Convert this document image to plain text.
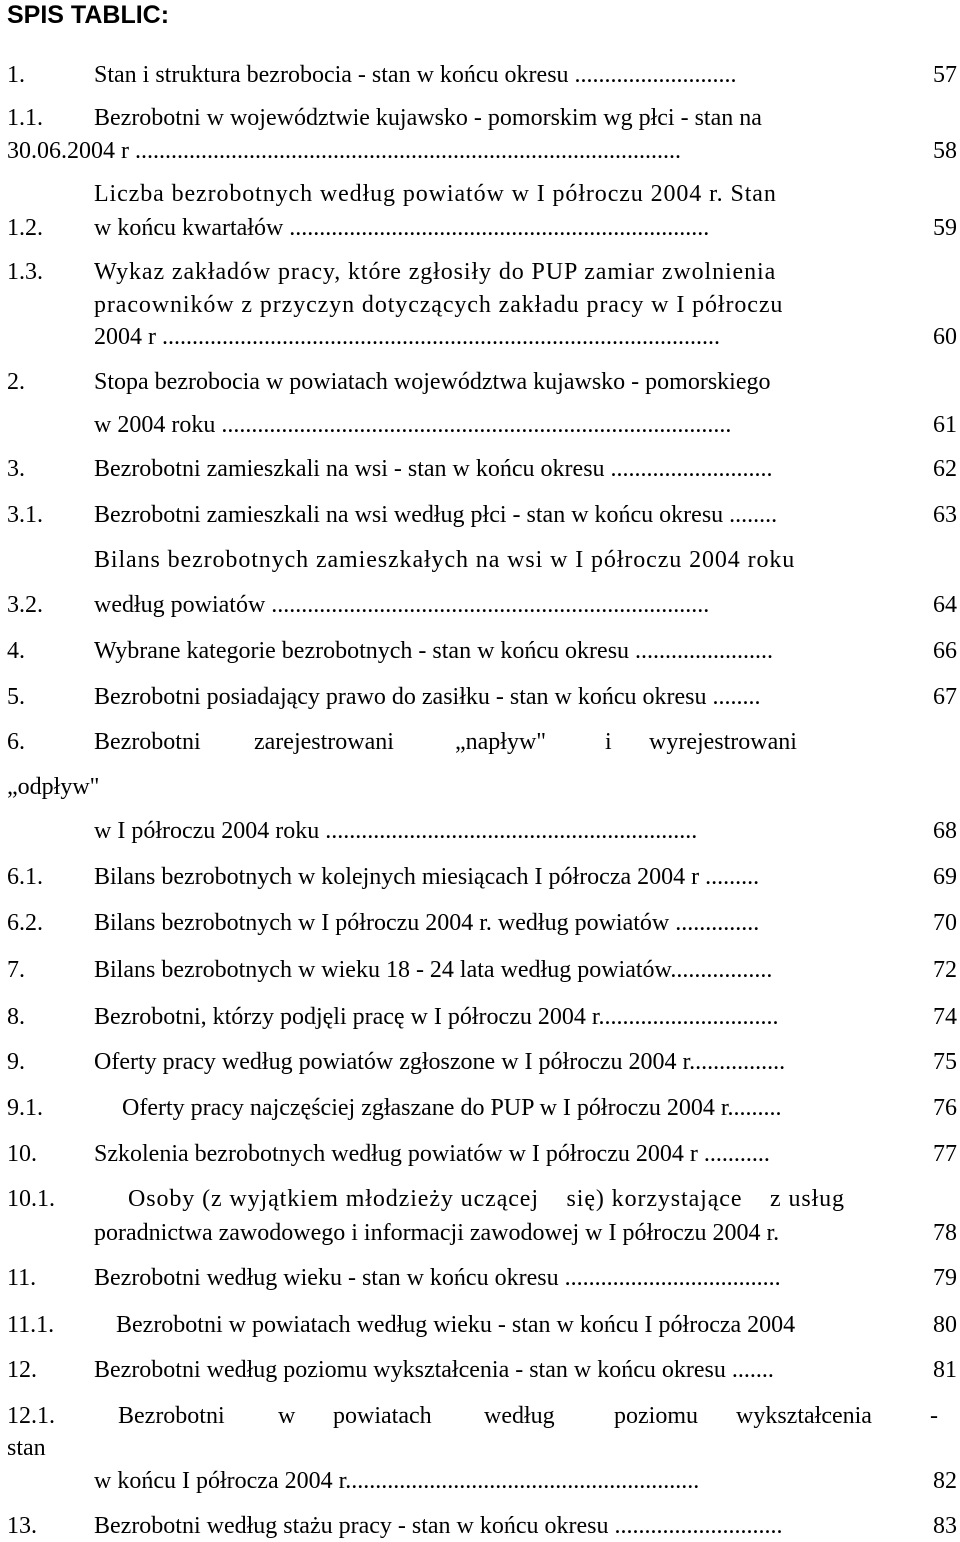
SPIS TABLIC:
1.	Stan i struktura bezrobocia - stan w końcu okresu ...........................	57
1.1. Bezrobotni w województwie kujawsko - pomorskim wg płci - stan na
30.06.2004 r ...........................................................................................	58
Liczba bezrobotnych według powiatów w I półroczu 2004 r. Stan
1.2. w końcu kwartałów ......................................................................	59
1.3. Wykaz zakładów pracy, które zgłosiły do PUP zamiar zwolnienia
pracowników z przyczyn dotyczących zakładu pracy w I półroczu
2004 r .............................................................................................	60
2.	Stopa bezrobocia w powiatach województwa kujawsko - pomorskiego
w 2004 roku .....................................................................................	61
3.	Bezrobotni zamieszkali na wsi - stan w końcu okresu ...........................	62
3.1. Bezrobotni zamieszkali na wsi według płci - stan w końcu okresu ........	63
Bilans bezrobotnych zamieszkałych na wsi w I półroczu 2004 roku
3.2. według powiatów .........................................................................	64
4.	Wybrane kategorie bezrobotnych - stan w końcu okresu .......................	66
5.	Bezrobotni posiadający prawo do zasiłku - stan w końcu okresu ........	67
6.	Bezrobotni zarejestrowani	„napływ" i wyrejestrowani
„odpływ"
w I półroczu 2004 roku ..............................................................	68
6.1. Bilans bezrobotnych w kolejnych miesiącach I półrocza 2004 r .........	69
6.2. Bilans bezrobotnych w I półroczu 2004 r. według powiatów ..............	70
7.	Bilans bezrobotnych w wieku 18 - 24 lata według powiatów.................	72
8.	Bezrobotni, którzy podjęli pracę w I półroczu 2004 r..............................	74
9.	Oferty pracy według powiatów zgłoszone w I półroczu 2004 r................	75
9.1.	Oferty pracy najczęściej zgłaszane do PUP w I półroczu 2004 r.........	76
10. Szkolenia bezrobotnych według powiatów w I półroczu 2004 r ...........	77
10.1.	Osoby (z wyjątkiem młodzieży uczącej    się) korzystające    z usług
poradnictwa zawodowego i informacji zawodowej w I półroczu 2004 r.	78
11. Bezrobotni według wieku - stan w końcu okresu ....................................	79
11.1.	Bezrobotni w powiatach według wieku - stan w końcu I półrocza 2004	80
12. Bezrobotni według poziomu wykształcenia - stan w końcu okresu .......	81
12.1.	Bezrobotni w powiatach według poziomu wykształcenia -
stan
w końcu I półrocza 2004 r...........................................................	82
13. Bezrobotni według stażu pracy - stan w końcu okresu ............................	83
